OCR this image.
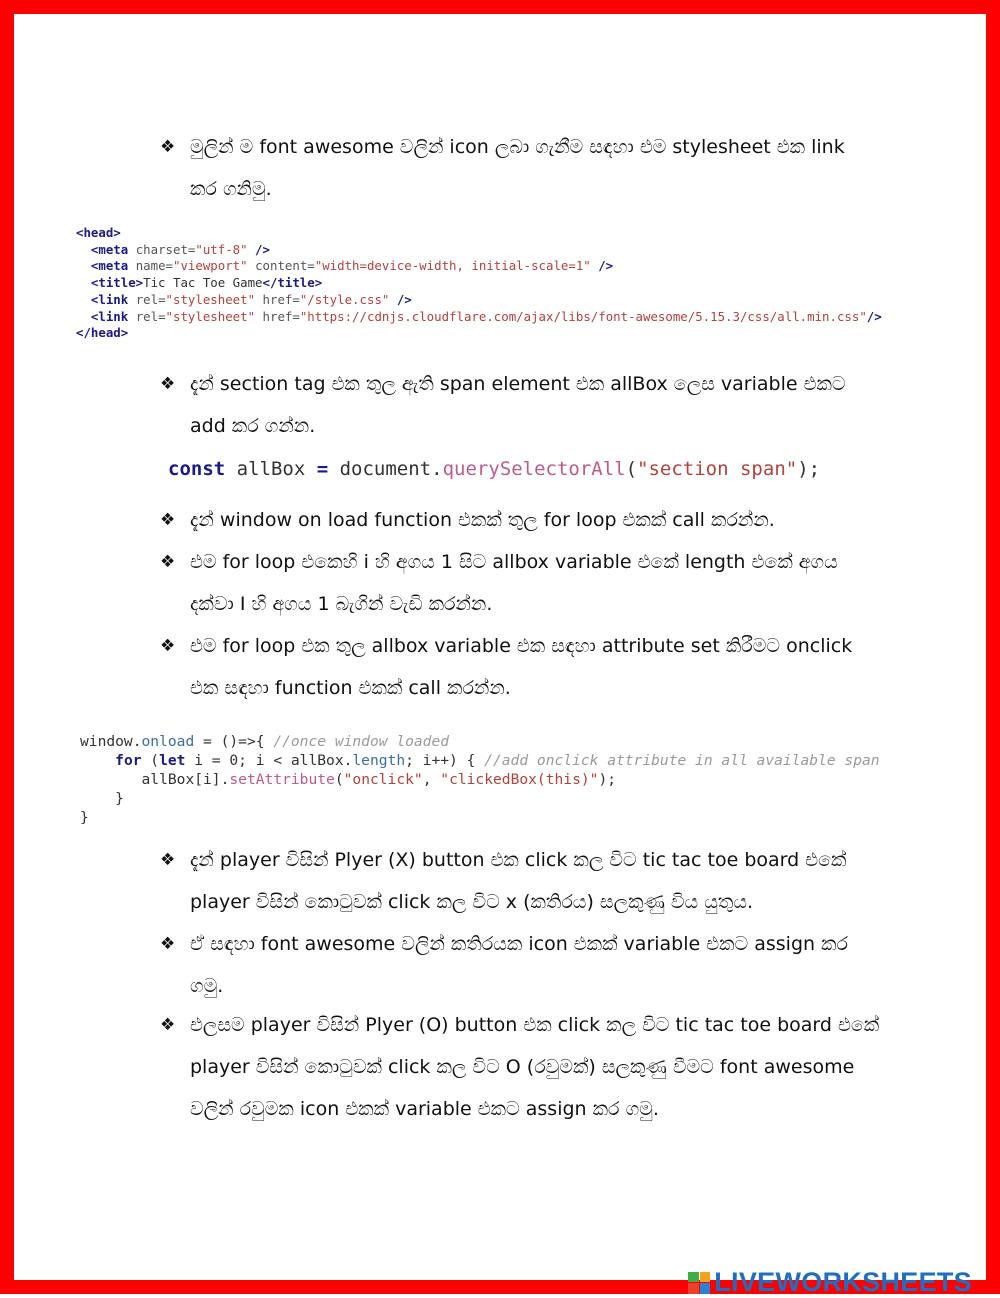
❖ මුලින් ම font awesome වලින් icon ලබා ගැනීම සඳහා එම stylesheet එක link
කර ගනිමු.
<head>
<meta charset="utf-8" />
<meta name="viewport" content="width=device-width, initial-scale=1" />
<title>Tic Tac Toe Game</title>
<link rel="stylesheet" href="/style.css" />
<link rel="stylesheet" href="https://cdnjs.cloudflare.com/ajax/libs/font-awesome/5.15.3/css/all.min.css"/>
</head>
❖ දැන් section tag එක තුල ඇති span element එක allBox ලෙස variable එකට
add කර ගන්න.
const allBox = document.querySelectorAll("section span");
❖ දැන් window on load function එකක් තුල for loop එකක් call කරන්න.
❖ එම for loop එකෙහි i හි අගය 1 සිට allbox variable එකේ length එකේ අගය
දක්වා I හි අගය 1 බැගින් වැඩි කරන්න.
❖ එම for loop එක තුල allbox variable එක සඳහා attribute set කිරීමට onclick
එක සඳහා function එකක් call කරන්න.
window.onload = ()=>{ //once window loaded
for (let i = 0; i < allBox.length; i++) { //add onclick attribute in all available span
allBox[i].setAttribute("onclick", "clickedBox(this)");
}
}
❖ දැන් player විසින් Plyer (X) button එක click කල විට tic tac toe board එකේ
player විසින් කොටුවක් click කල විට x (කතිරය) සලකුණු විය යුතුය.
❖ ඒ සඳහා font awesome වලින් කතිරයක icon එකක් variable එකට assign කර
ගමු.
❖ එලසම player විසින් Plyer (O) button එක click කල විට tic tac toe board එකේ
player විසින් කොටුවක් click කල විට O (රවුමක්) සලකුණු වීමට font awesome
වලින් රවුමක icon එකක් variable එකට assign කර ගමු.
LIVEWORKSHEETS
